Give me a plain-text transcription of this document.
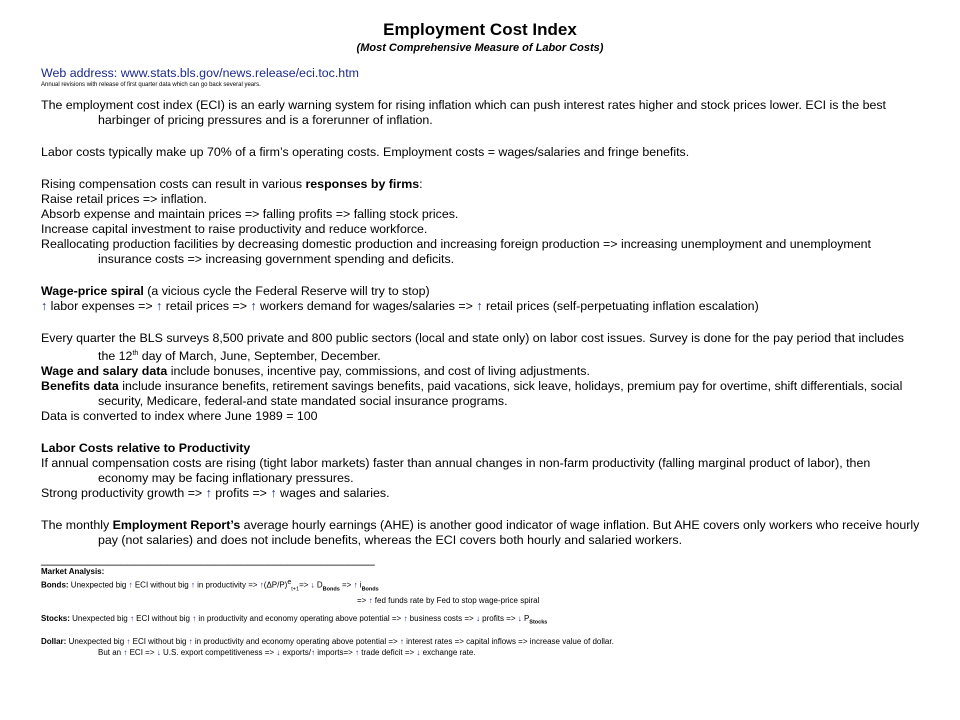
Employment Cost Index
(Most Comprehensive Measure of Labor Costs)
Web address: www.stats.bls.gov/news.release/eci.toc.htm

Annual revisions with release of first quarter data which can go back several years.

The employment cost index (ECI) is an early warning system for rising inflation which can push interest rates higher and stock prices lower. ECI is the best harbinger of pricing pressures and is a forerunner of inflation.

Labor costs typically make up 70% of a firm’s operating costs. Employment costs = wages/salaries and fringe benefits.

Rising compensation costs can result in various responses by firms:

Raise retail prices => inflation.

Absorb expense and maintain prices => falling profits => falling stock prices.

Increase capital investment to raise productivity and reduce workforce.

Reallocating production facilities by decreasing domestic production and increasing foreign production => increasing unemployment and unemployment insurance costs => increasing government spending and deficits.

Wage-price spiral (a vicious cycle the Federal Reserve will try to stop)

↑ labor expenses => ↑ retail prices => ↑ workers demand for wages/salaries => ↑ retail prices (self-perpetuating inflation escalation)

Every quarter the BLS surveys 8,500 private and 800 public sectors (local and state only) on labor cost issues. Survey is done for the pay period that includes the 12th day of March, June, September, December.

Wage and salary data include bonuses, incentive pay, commissions, and cost of living adjustments.

Benefits data include insurance benefits, retirement savings benefits, paid vacations, sick leave, holidays, premium pay for overtime, shift differentials, social security, Medicare, federal-and state mandated social insurance programs.

Data is converted to index where June 1989 = 100

Labor Costs relative to Productivity

If annual compensation costs are rising (tight labor markets) faster than annual changes in non-farm productivity (falling marginal product of labor), then economy may be facing inflationary pressures.

Strong productivity growth => ↑ profits => ↑ wages and salaries.

The monthly Employment Report’s average hourly earnings (AHE) is another good indicator of wage inflation. But AHE covers only workers who receive hourly pay (not salaries) and does not include benefits, whereas the ECI covers both hourly and salaried workers.

__________________________________________________
Market Analysis:
Bonds: Unexpected big ↑ ECI without big ↑ in productivity => $↑(\Delta P/P)^e_{t+1}=>$ ↓ $D_{Bonds}$ => ↑ $i_{Bonds}$
=> ↑ fed funds rate by Fed to stop wage-price spiral
Stocks: Unexpected big ↑ ECI without big ↑ in productivity and economy operating above potential => ↑ business costs => ↓ profits => ↓ $P_{Stocks}$
Dollar: Unexpected big ↑ ECI without big ↑ in productivity and economy operating above potential => ↑ interest rates => capital inflows => increase value of dollar.
But an ↑ ECI => ↓ U.S. export competitiveness => ↓ exports/↑ imports=> ↑ trade deficit => ↓ exchange rate.
